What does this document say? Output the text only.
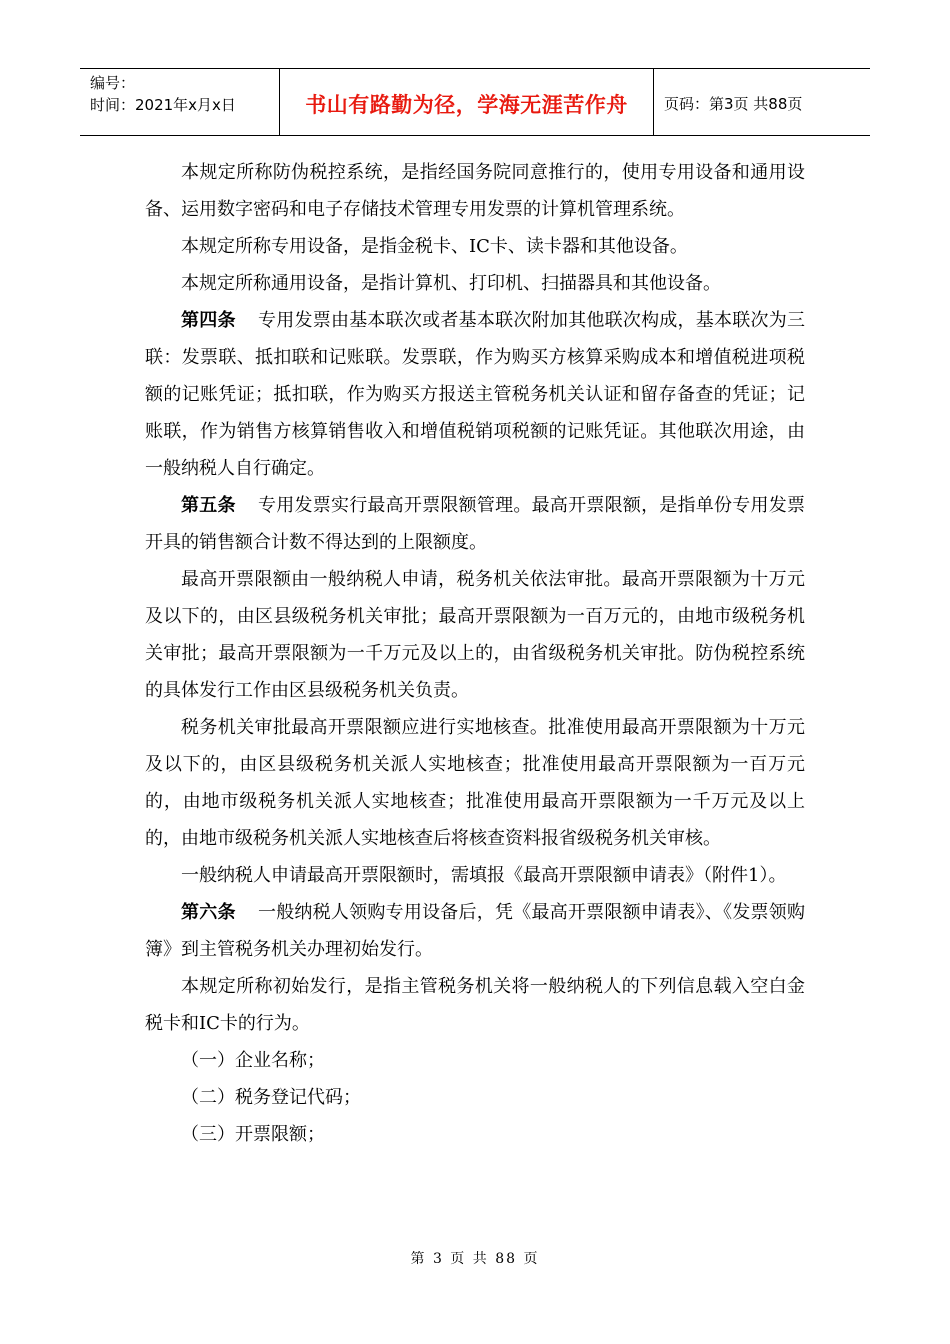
编号：
时间：2021年x月x日	书山有路勤为径，学海无涯苦作舟	页码：第3页 共88页

本规定所称防伪税控系统，是指经国务院同意推行的，使用专用设备和通用设备、运用数字密码和电子存储技术管理专用发票的计算机管理系统。

本规定所称专用设备，是指金税卡、IC卡、读卡器和其他设备。

本规定所称通用设备，是指计算机、打印机、扫描器具和其他设备。

第四条 专用发票由基本联次或者基本联次附加其他联次构成，基本联次为三联：发票联、抵扣联和记账联。发票联，作为购买方核算采购成本和增值税进项税额的记账凭证；抵扣联，作为购买方报送主管税务机关认证和留存备查的凭证；记账联，作为销售方核算销售收入和增值税销项税额的记账凭证。其他联次用途，由一般纳税人自行确定。

第五条 专用发票实行最高开票限额管理。最高开票限额，是指单份专用发票开具的销售额合计数不得达到的上限额度。

最高开票限额由一般纳税人申请，税务机关依法审批。最高开票限额为十万元及以下的，由区县级税务机关审批；最高开票限额为一百万元的，由地市级税务机关审批；最高开票限额为一千万元及以上的，由省级税务机关审批。防伪税控系统的具体发行工作由区县级税务机关负责。

税务机关审批最高开票限额应进行实地核查。批准使用最高开票限额为十万元及以下的，由区县级税务机关派人实地核查；批准使用最高开票限额为一百万元的，由地市级税务机关派人实地核查；批准使用最高开票限额为一千万元及以上的，由地市级税务机关派人实地核查后将核查资料报省级税务机关审核。

一般纳税人申请最高开票限额时，需填报《最高开票限额申请表》（附件1）。

第六条 一般纳税人领购专用设备后，凭《最高开票限额申请表》、《发票领购簿》到主管税务机关办理初始发行。

本规定所称初始发行，是指主管税务机关将一般纳税人的下列信息载入空白金税卡和IC卡的行为。

（一）企业名称；

（二）税务登记代码；

（三）开票限额；

第 3 页 共 88 页
